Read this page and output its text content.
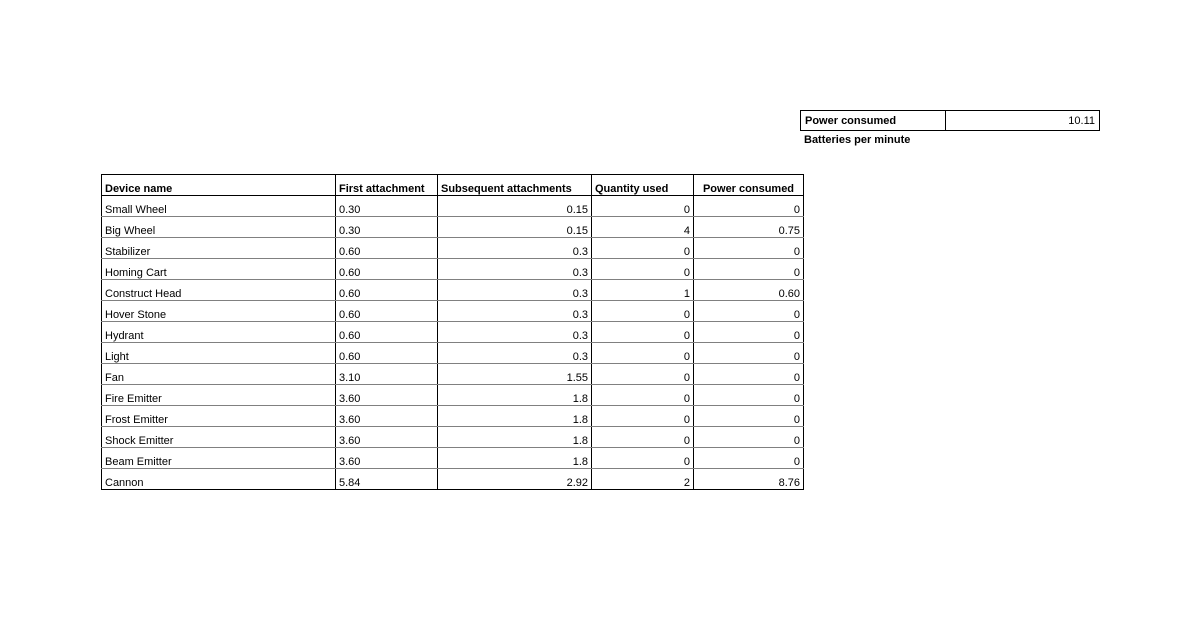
Power consumed	10.11
Batteries per minute
Device name	First attachment	Subsequent attachments	Quantity used	Power consumed
Small Wheel	0.30	0.15	0	0
Big Wheel	0.30	0.15	4	0.75
Stabilizer	0.60	0.3	0	0
Homing Cart	0.60	0.3	0	0
Construct Head	0.60	0.3	1	0.60
Hover Stone	0.60	0.3	0	0
Hydrant	0.60	0.3	0	0
Light	0.60	0.3	0	0
Fan	3.10	1.55	0	0
Fire Emitter	3.60	1.8	0	0
Frost Emitter	3.60	1.8	0	0
Shock Emitter	3.60	1.8	0	0
Beam Emitter	3.60	1.8	0	0
Cannon	5.84	2.92	2	8.76
